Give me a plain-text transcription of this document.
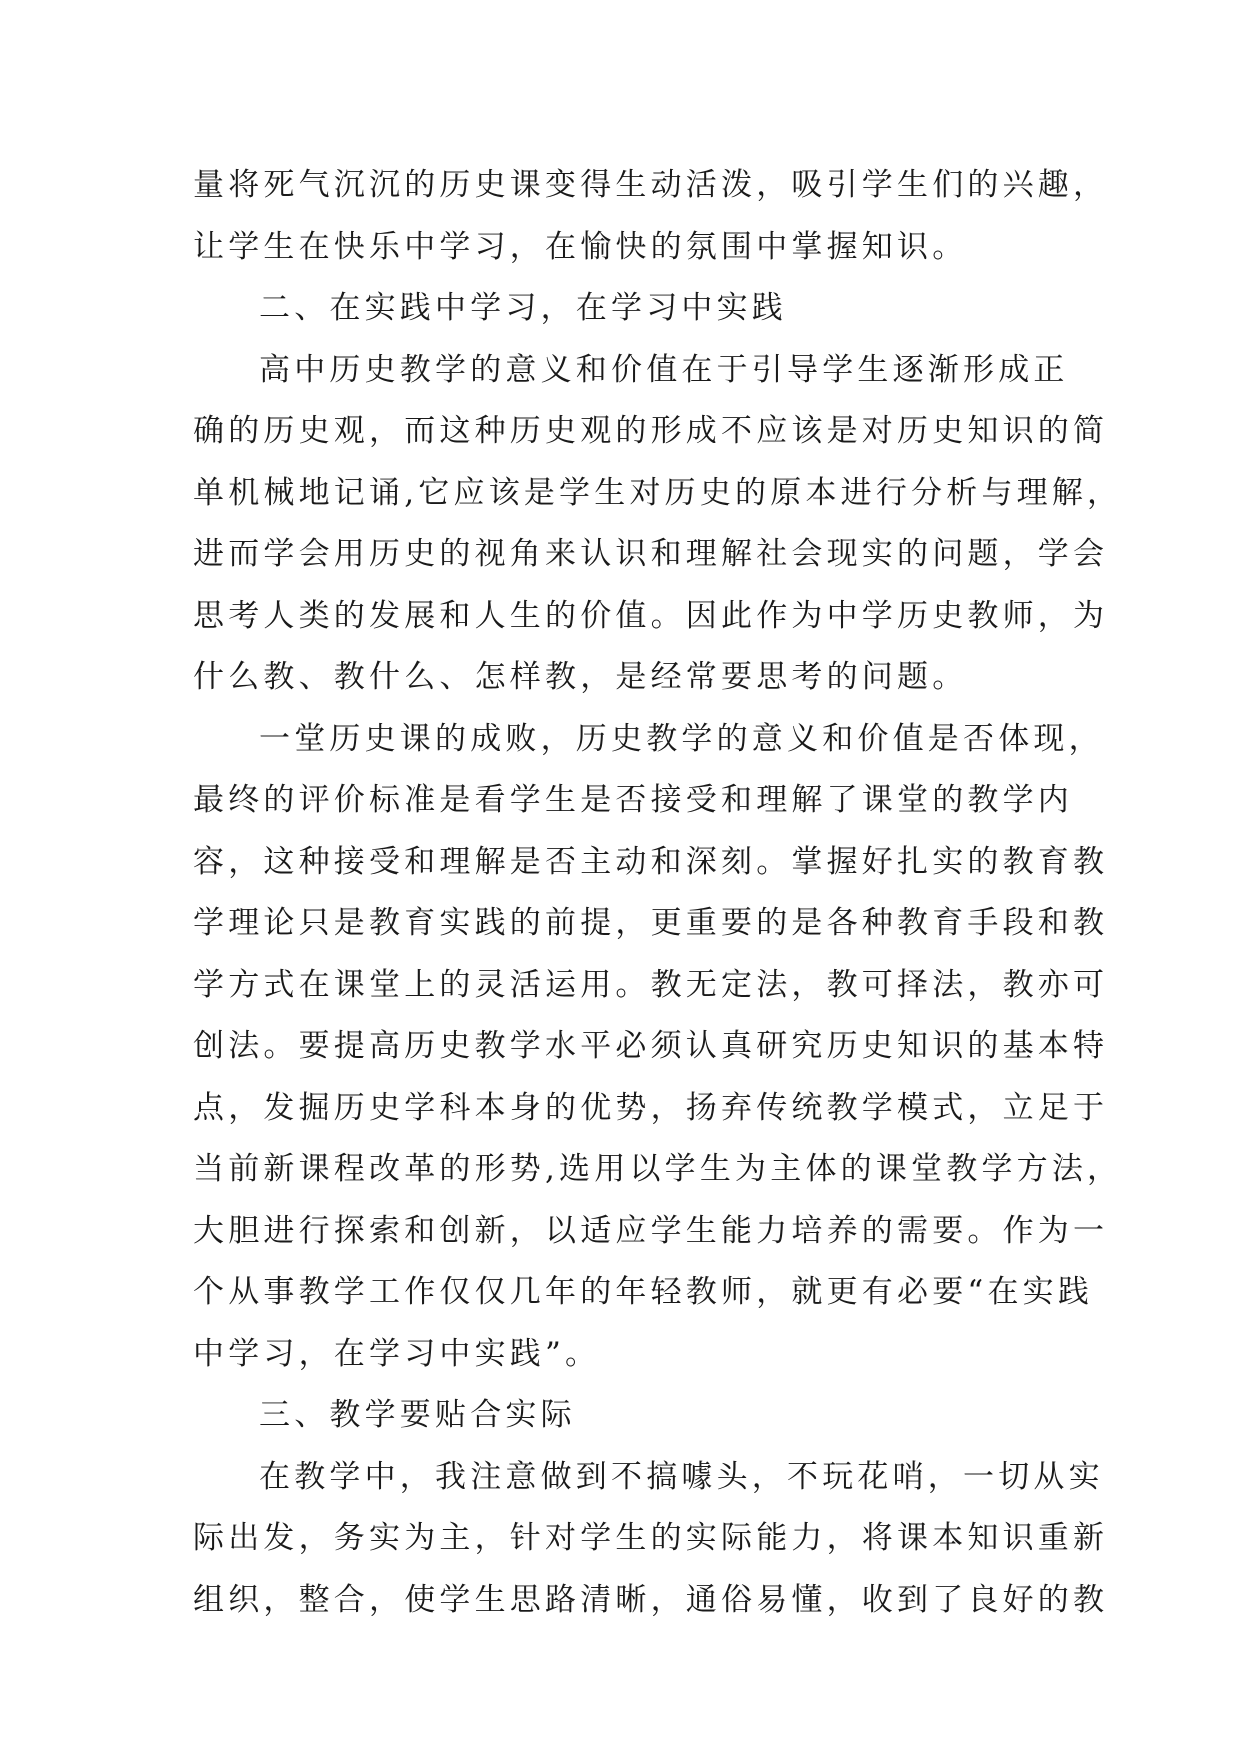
量将死气沉沉的历史课变得生动活泼，吸引学生们的兴趣，
让学生在快乐中学习，在愉快的氛围中掌握知识。
二、在实践中学习，在学习中实践
高中历史教学的意义和价值在于引导学生逐渐形成正
确的历史观，而这种历史观的形成不应该是对历史知识的简
单机械地记诵,它应该是学生对历史的原本进行分析与理解，
进而学会用历史的视角来认识和理解社会现实的问题，学会
思考人类的发展和人生的价值。因此作为中学历史教师，为
什么教、教什么、怎样教，是经常要思考的问题。
一堂历史课的成败，历史教学的意义和价值是否体现，
最终的评价标准是看学生是否接受和理解了课堂的教学内
容，这种接受和理解是否主动和深刻。掌握好扎实的教育教
学理论只是教育实践的前提，更重要的是各种教育手段和教
学方式在课堂上的灵活运用。教无定法，教可择法，教亦可
创法。要提高历史教学水平必须认真研究历史知识的基本特
点，发掘历史学科本身的优势，扬弃传统教学模式，立足于
当前新课程改革的形势,选用以学生为主体的课堂教学方法，
大胆进行探索和创新，以适应学生能力培养的需要。作为一
个从事教学工作仅仅几年的年轻教师，就更有必要“在实践
中学习，在学习中实践”。
三、教学要贴合实际
在教学中，我注意做到不搞噱头，不玩花哨，一切从实
际出发，务实为主，针对学生的实际能力，将课本知识重新
组织，整合，使学生思路清晰，通俗易懂，收到了良好的教
